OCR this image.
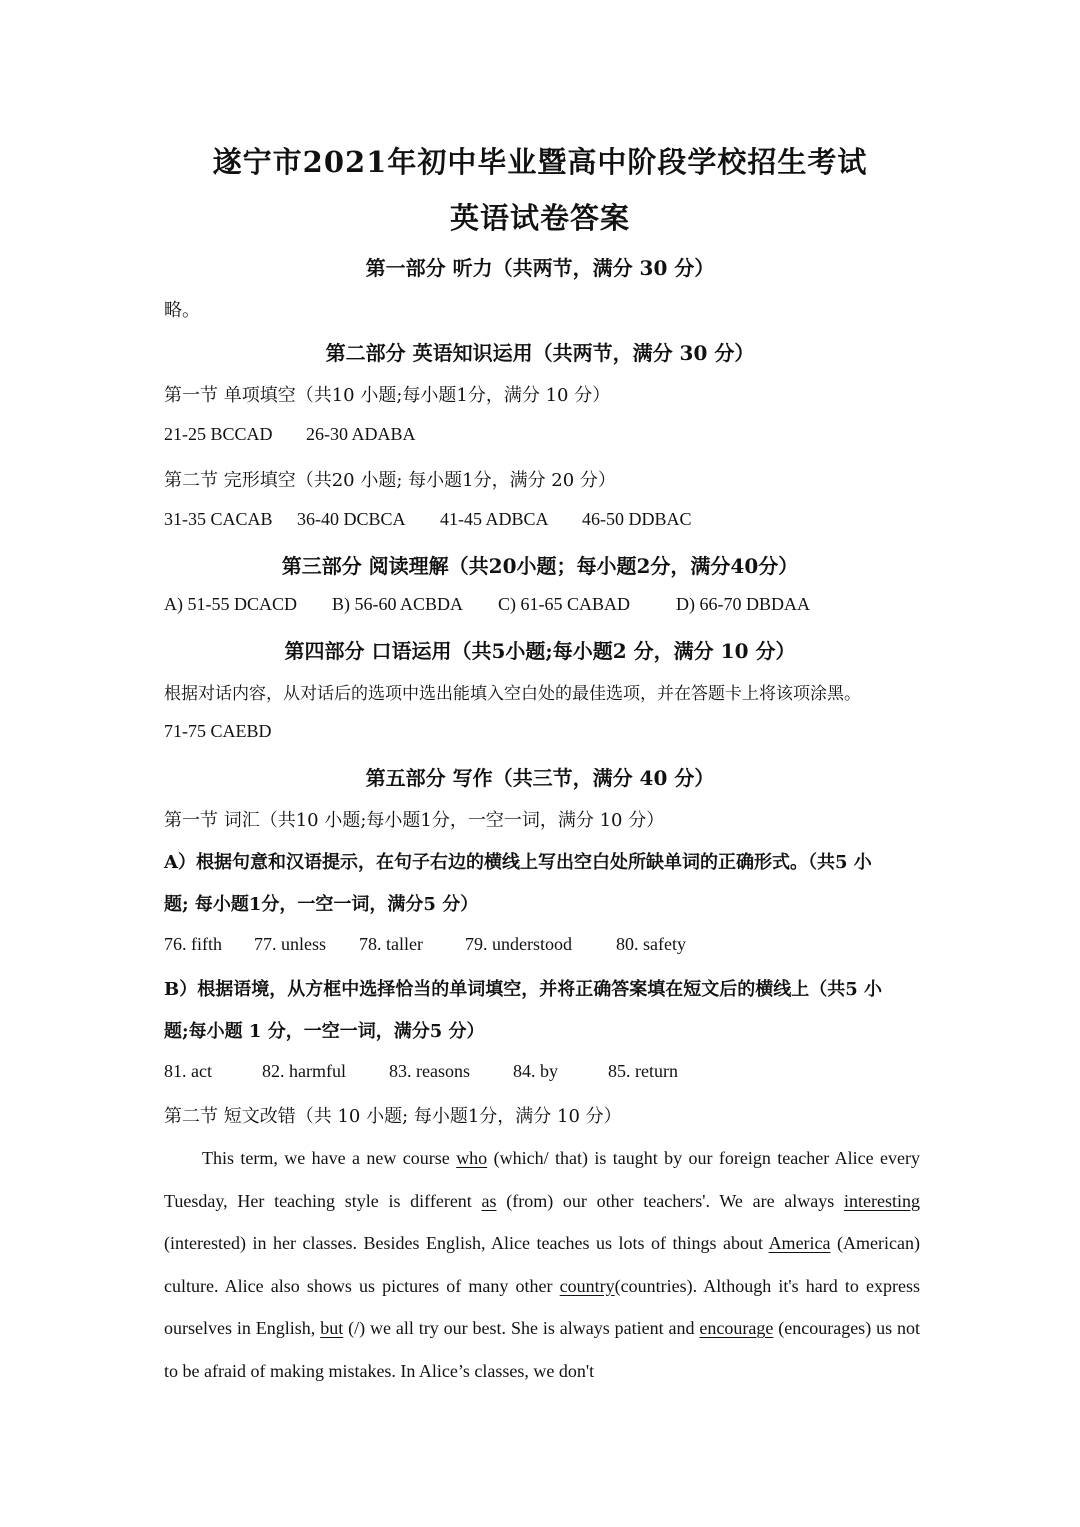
遂宁市2021年初中毕业暨高中阶段学校招生考试
英语试卷答案
第一部分 听力（共两节，满分 30 分）
略。
第二部分 英语知识运用（共两节，满分 30 分）
第一节 单项填空（共10 小题;每小题1分，满分 10 分）
21-25 BCCAD 26-30 ADABA
第二节 完形填空（共20 小题; 每小题1分，满分 20 分）
31-35 CACAB 36-40 DCBCA 41-45 ADBCA 46-50 DDBAC
第三部分 阅读理解（共20小题；每小题2分，满分40分）
A) 51-55 DCACD B) 56-60 ACBDA C) 61-65 CABAD	D) 66-70 DBDAA
第四部分 口语运用（共5小题;每小题2 分，满分 10 分）
根据对话内容，从对话后的选项中选出能填入空白处的最佳选项，并在答题卡上将该项涂黑。
71-75 CAEBD
第五部分 写作（共三节，满分 40 分）
第一节 词汇（共10 小题;每小题1分，一空一词，满分 10 分）
A）根据句意和汉语提示，在句子右边的横线上写出空白处所缺单词的正确形式。（共5 小
题; 每小题1分，一空一词，满分5 分）
76. fifth 77. unless 78. taller 79. understood 80. safety
B）根据语境，从方框中选择恰当的单词填空，并将正确答案填在短文后的横线上（共5 小
题;每小题 1 分，一空一词，满分5 分）
81. act	82. harmful 83. reasons 84. by	85. return
第二节 短文改错（共 10 小题; 每小题1分，满分 10 分）
This term, we have a new course who (which/ that) is taught by our foreign teacher Alice every Tuesday, Her teaching style is different as (from) our other teachers'. We are always interesting (interested) in her classes. Besides English, Alice teaches us lots of things about America (American) culture. Alice also shows us pictures of many other country(countries). Although it's hard to express ourselves in English, but (/) we all try our best. She is always patient and encourage (encourages) us not to be afraid of making mistakes. In Alice’s classes, we don't
